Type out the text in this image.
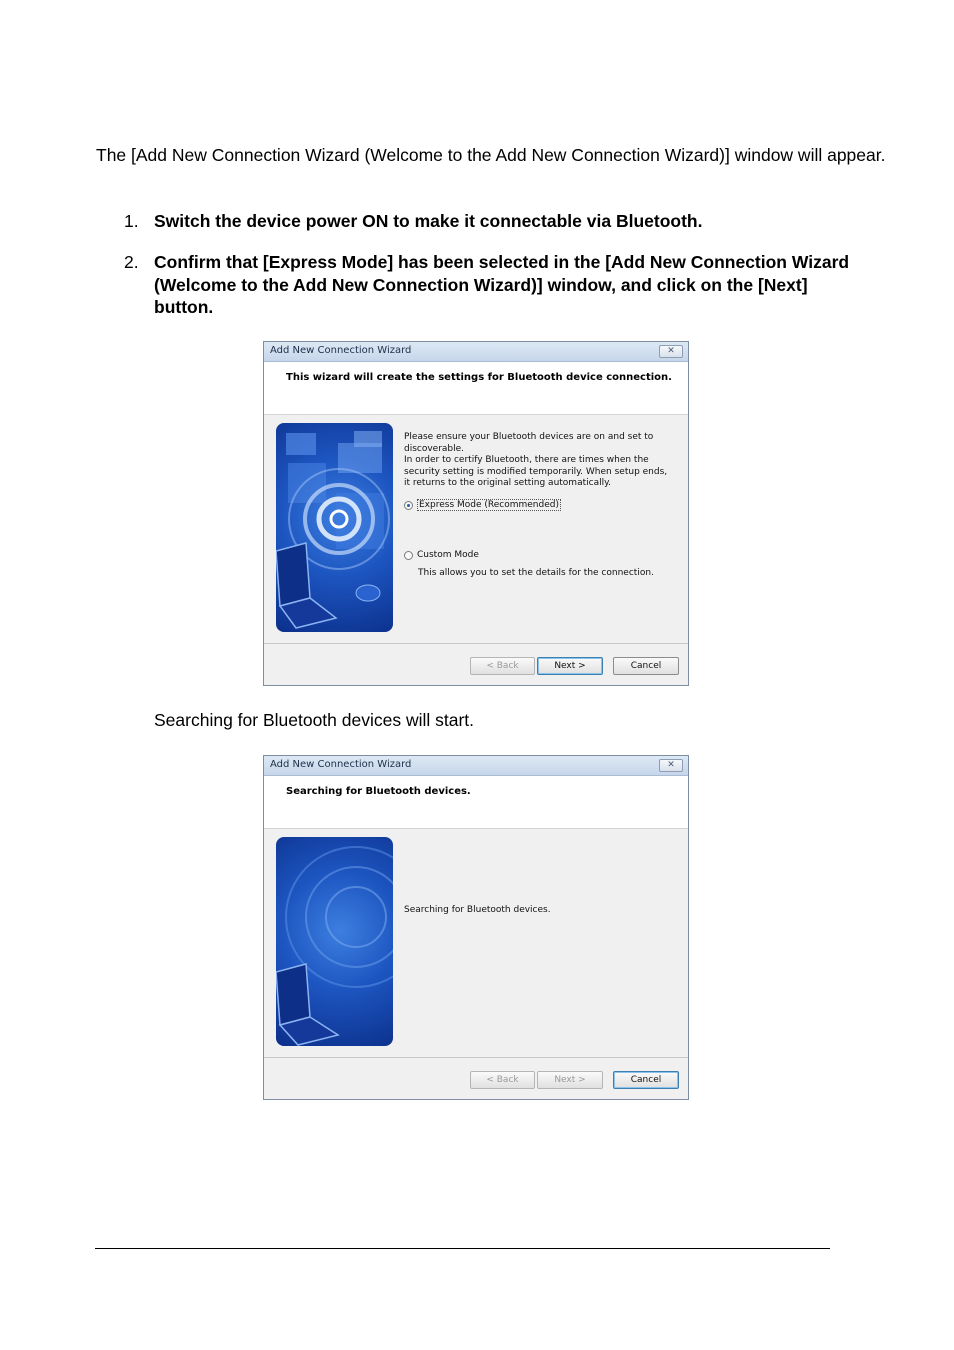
The [Add New Connection Wizard (Welcome to the Add New Connection Wizard)] window will appear.
1. Switch the device power ON to make it connectable via Bluetooth.
2. Confirm that [Express Mode] has been selected in the [Add New Connection Wizard (Welcome to the Add New Connection Wizard)] window, and click on the [Next] button.
Add New Connection Wizard	✕
This wizard will create the settings for Bluetooth device connection.
Please ensure your Bluetooth devices are on and set to discoverable.
In order to certify Bluetooth, there are times when the security setting is modified temporarily. When setup ends, it returns to the original setting automatically.
Express Mode (Recommended)
Custom Mode
This allows you to set the details for the connection.
< Back	Next >	Cancel
Searching for Bluetooth devices will start.
Add New Connection Wizard	✕
Searching for Bluetooth devices.
Searching for Bluetooth devices.
< Back	Next >	Cancel
